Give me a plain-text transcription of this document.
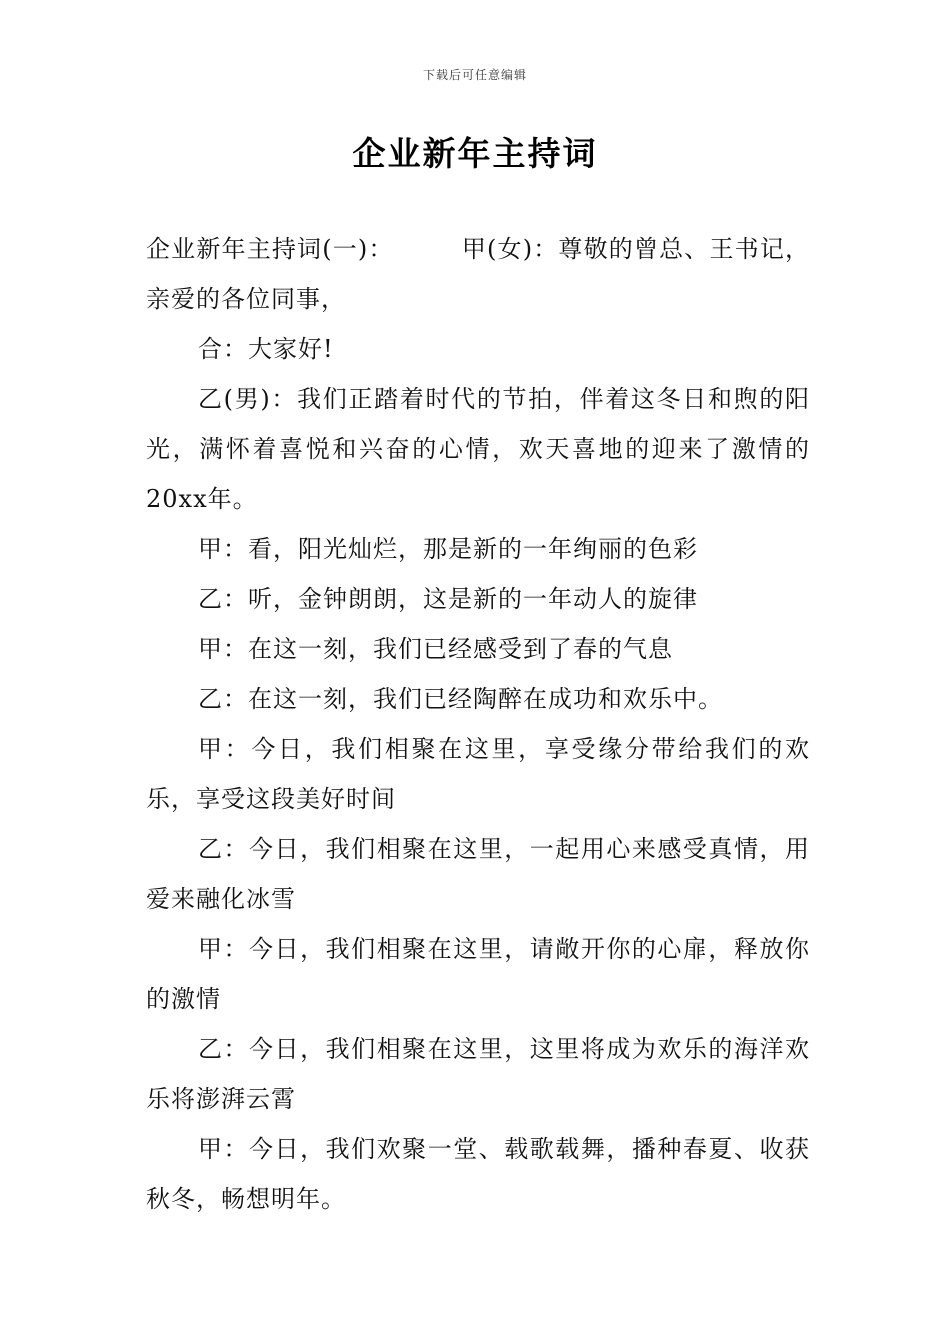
下载后可任意编辑
企业新年主持词

企业新年主持词(一)：	甲(女)：尊敬的曾总、王书记，亲爱的各位同事，

合：大家好!

乙(男)：我们正踏着时代的节拍，伴着这冬日和煦的阳光，满怀着喜悦和兴奋的心情，欢天喜地的迎来了激情的20xx年。

甲：看，阳光灿烂，那是新的一年绚丽的色彩

乙：听，金钟朗朗，这是新的一年动人的旋律

甲：在这一刻，我们已经感受到了春的气息

乙：在这一刻，我们已经陶醉在成功和欢乐中。

甲：今日，我们相聚在这里，享受缘分带给我们的欢乐，享受这段美好时间

乙：今日，我们相聚在这里，一起用心来感受真情，用爱来融化冰雪

甲：今日，我们相聚在这里，请敞开你的心扉，释放你的激情

乙：今日，我们相聚在这里，这里将成为欢乐的海洋欢乐将澎湃云霄

甲：今日，我们欢聚一堂、载歌载舞，播种春夏、收获秋冬，畅想明年。
